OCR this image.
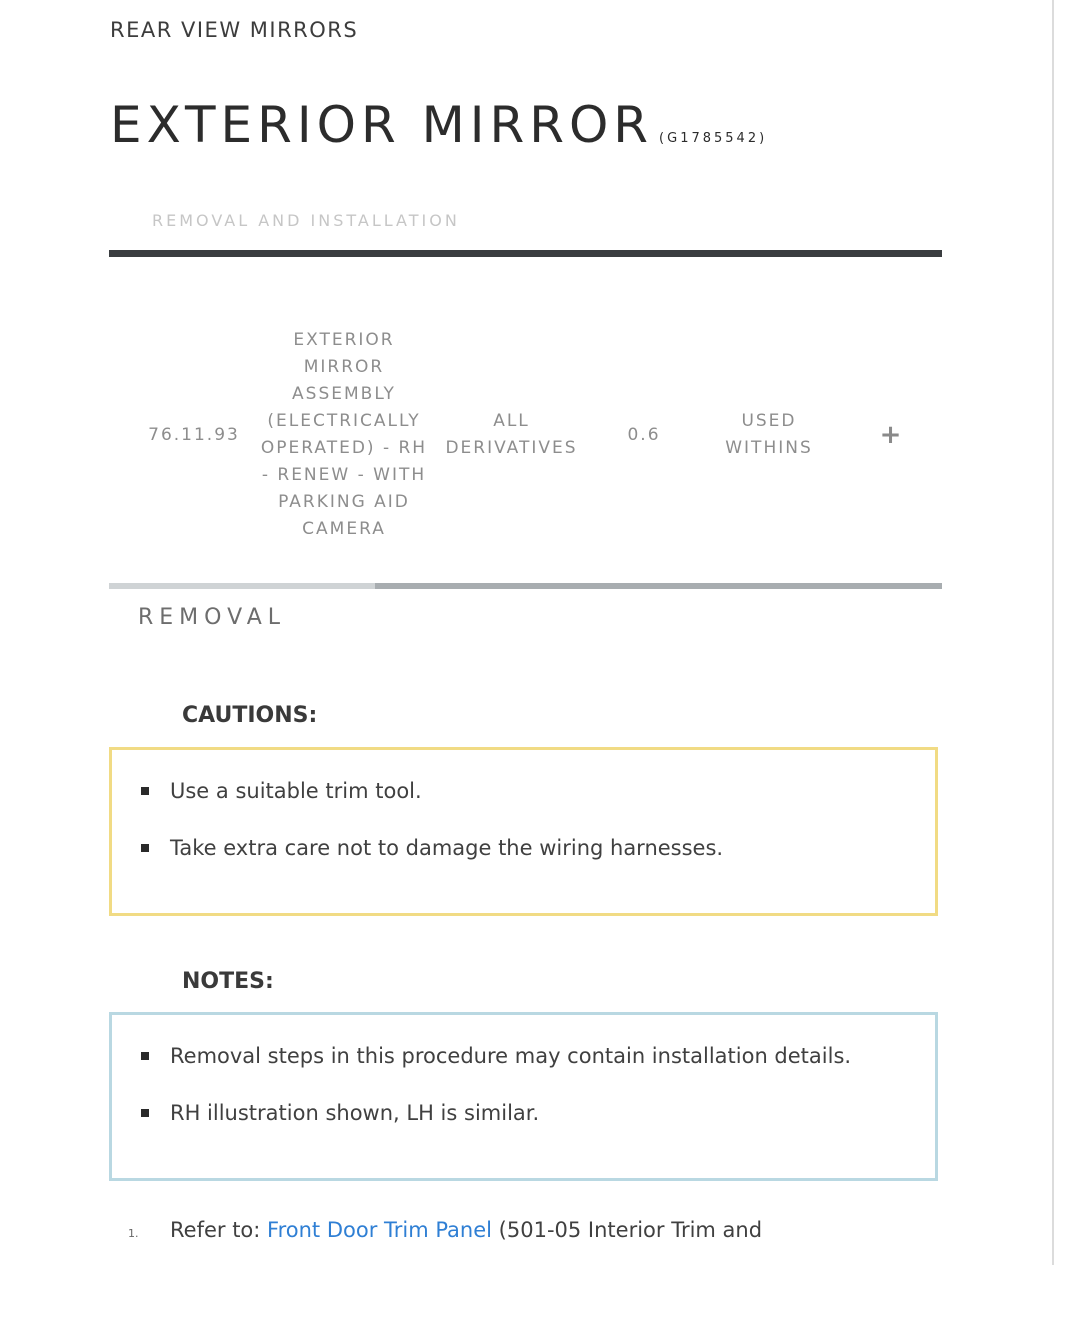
REAR VIEW MIRRORS
EXTERIOR MIRROR (G1785542)
REMOVAL AND INSTALLATION
76.11.93
EXTERIOR MIRROR ASSEMBLY (ELECTRICALLY OPERATED) - RH - RENEW - WITH PARKING AID CAMERA
ALL DERIVATIVES
0.6
USED WITHINS	+
REMOVAL
CAUTIONS:
Use a suitable trim tool.
Take extra care not to damage the wiring harnesses.
NOTES:
Removal steps in this procedure may contain installation details.
RH illustration shown, LH is similar.
1. Refer to: Front Door Trim Panel (501-05 Interior Trim and
